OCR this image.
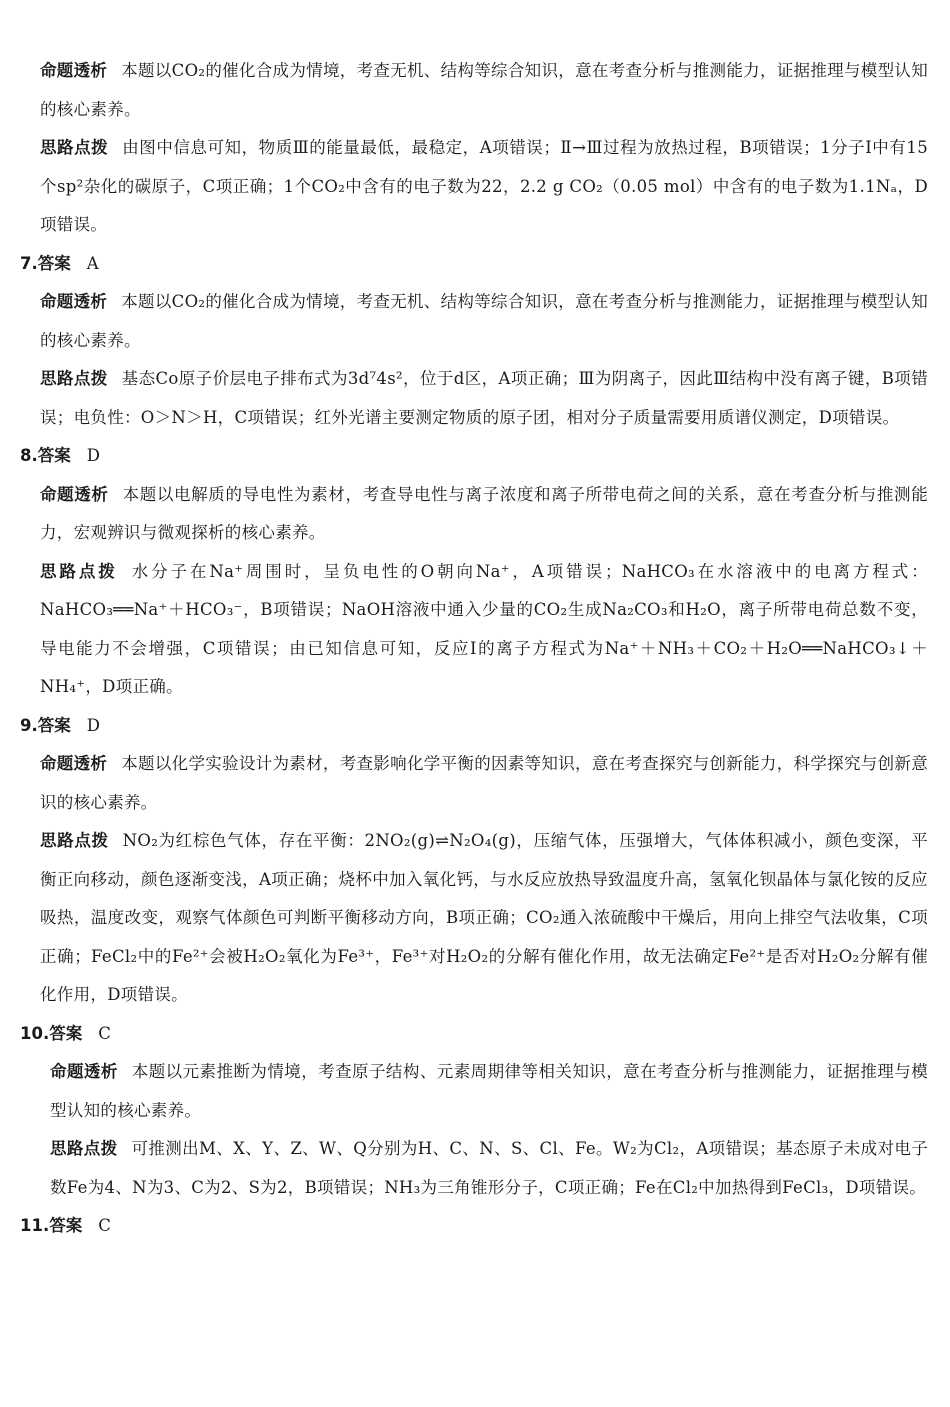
命题透析 本题以CO₂的催化合成为情境，考查无机、结构等综合知识，意在考查分析与推测能力，证据推理与模型认知的核心素养。

思路点拨 由图中信息可知，物质Ⅲ的能量最低，最稳定，A项错误；Ⅱ→Ⅲ过程为放热过程，B项错误；1分子Ⅰ中有15个sp²杂化的碳原子，C项正确；1个CO₂中含有的电子数为22，2.2 g CO₂（0.05 mol）中含有的电子数为1.1Nₐ，D项错误。

7.答案 A

命题透析 本题以CO₂的催化合成为情境，考查无机、结构等综合知识，意在考查分析与推测能力，证据推理与模型认知的核心素养。

思路点拨 基态Co原子价层电子排布式为3d⁷4s²，位于d区，A项正确；Ⅲ为阴离子，因此Ⅲ结构中没有离子键，B项错误；电负性：O＞N＞H，C项错误；红外光谱主要测定物质的原子团，相对分子质量需要用质谱仪测定，D项错误。

8.答案 D

命题透析 本题以电解质的导电性为素材，考查导电性与离子浓度和离子所带电荷之间的关系，意在考查分析与推测能力，宏观辨识与微观探析的核心素养。

思路点拨 水分子在Na⁺周围时，呈负电性的O朝向Na⁺，A项错误；NaHCO₃在水溶液中的电离方程式：NaHCO₃══Na⁺＋HCO₃⁻，B项错误；NaOH溶液中通入少量的CO₂生成Na₂CO₃和H₂O，离子所带电荷总数不变，导电能力不会增强，C项错误；由已知信息可知，反应Ⅰ的离子方程式为Na⁺＋NH₃＋CO₂＋H₂O══NaHCO₃↓＋NH₄⁺，D项正确。

9.答案 D

命题透析 本题以化学实验设计为素材，考查影响化学平衡的因素等知识，意在考查探究与创新能力，科学探究与创新意识的核心素养。

思路点拨 NO₂为红棕色气体，存在平衡：2NO₂(g)⇌N₂O₄(g)，压缩气体，压强增大，气体体积减小，颜色变深，平衡正向移动，颜色逐渐变浅，A项正确；烧杯中加入氧化钙，与水反应放热导致温度升高，氢氧化钡晶体与氯化铵的反应吸热，温度改变，观察气体颜色可判断平衡移动方向，B项正确；CO₂通入浓硫酸中干燥后，用向上排空气法收集，C项正确；FeCl₂中的Fe²⁺会被H₂O₂氧化为Fe³⁺，Fe³⁺对H₂O₂的分解有催化作用，故无法确定Fe²⁺是否对H₂O₂分解有催化作用，D项错误。

10.答案 C

命题透析 本题以元素推断为情境，考查原子结构、元素周期律等相关知识，意在考查分析与推测能力，证据推理与模型认知的核心素养。

思路点拨 可推测出M、X、Y、Z、W、Q分别为H、C、N、S、Cl、Fe。W₂为Cl₂，A项错误；基态原子未成对电子数Fe为4、N为3、C为2、S为2，B项错误；NH₃为三角锥形分子，C项正确；Fe在Cl₂中加热得到FeCl₃，D项错误。

11.答案 C
